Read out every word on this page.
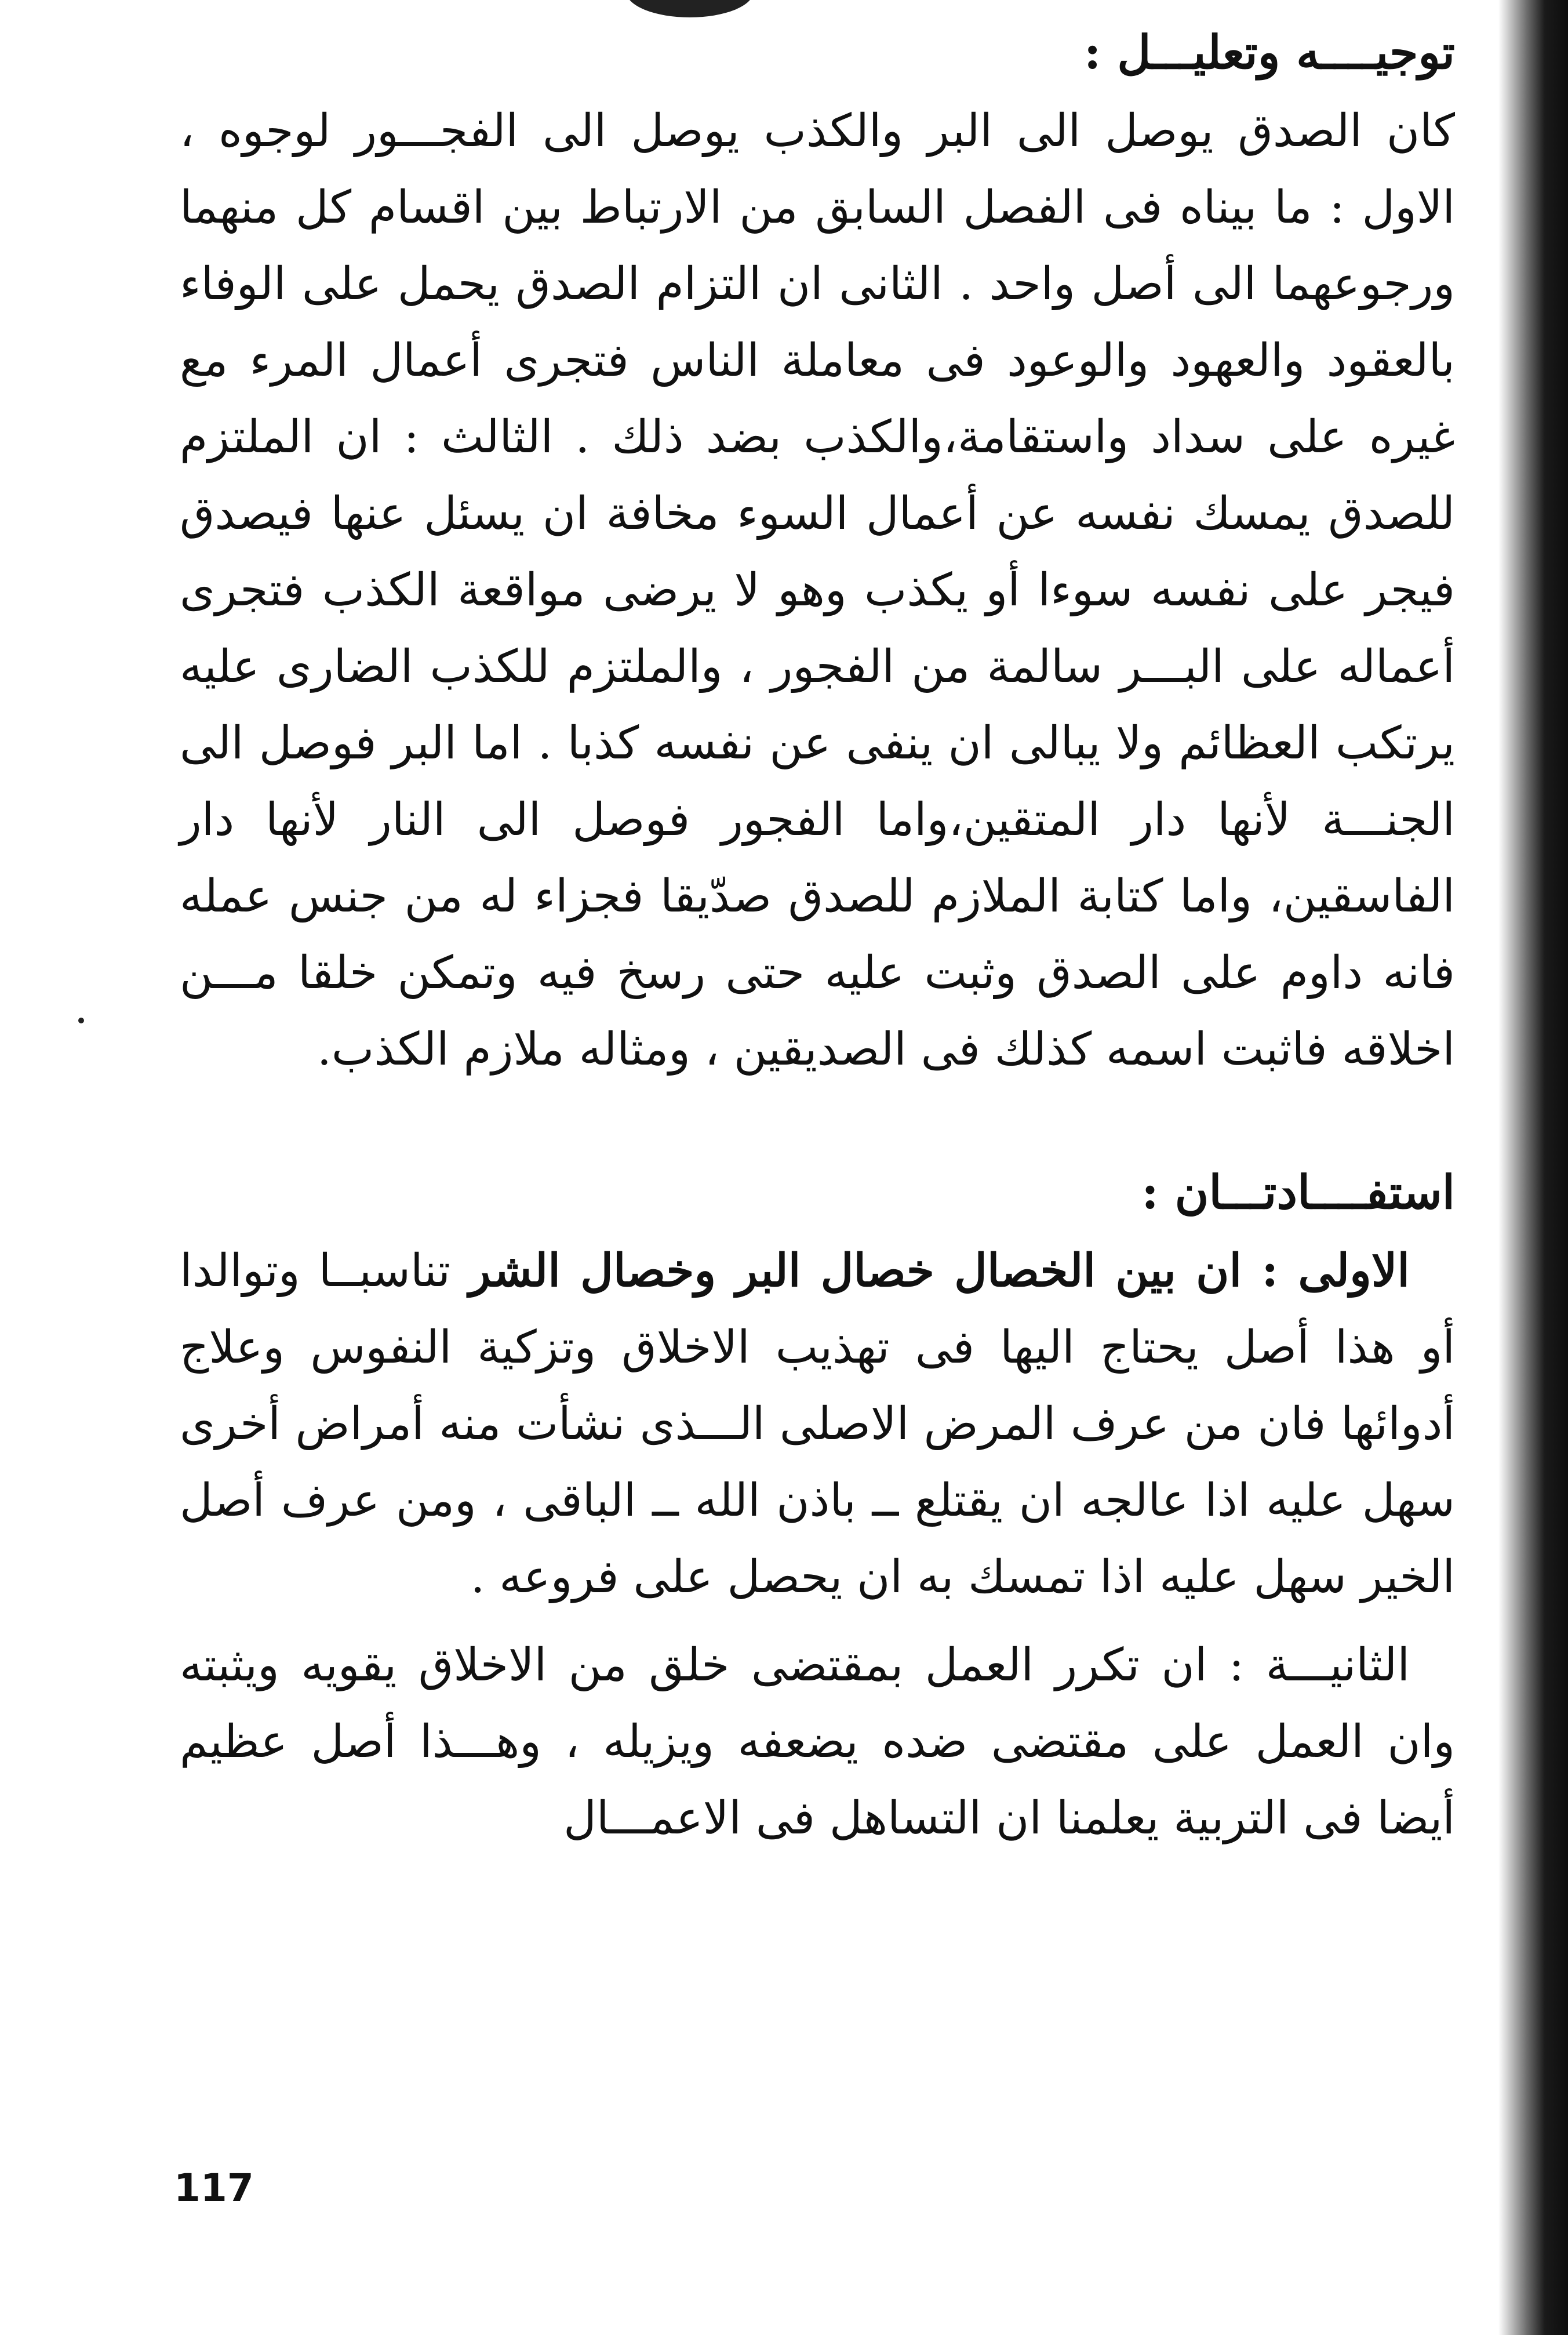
توجيــــه وتعليـــل :

كان الصدق يوصل الى البر والكذب يوصل الى الفجـــور لوجوه ، الاول : ما بيناه فى الفصل السابق من الارتباط بين اقسام كل منهما ورجوعهما الى أصل واحد . الثانى ان التزام الصدق يحمل على الوفاء بالعقود والعهود والوعود فى معاملة الناس فتجرى أعمال المرء مع غيره على سداد واستقامة،والكذب بضد ذلك . الثالث : ان الملتزم للصدق يمسك نفسه عن أعمال السوء مخافة ان يسئل عنها فيصدق فيجر على نفسه سوءا أو يكذب وهو لا يرضى مواقعة الكذب فتجرى أعماله على البـــر سالمة من الفجور ، والملتزم للكذب الضارى عليه يرتكب العظائم ولا يبالى ان ينفى عن نفسه كذبا . اما البر فوصل الى الجنـــة لأنها دار المتقين،واما الفجور فوصل الى النار لأنها دار الفاسقين، واما كتابة الملازم للصدق صدّيقا فجزاء له من جنس عمله فانه داوم على الصدق وثبت عليه حتى رسخ فيه وتمكن خلقا مـــن اخلاقه فاثبت اسمه كذلك فى الصديقين ، ومثاله ملازم الكذب.

استفــــادتـــان :

 الاولى : ان بين الخصال خصال البر وخصال الشر تناسبــا وتوالدا أو هذا أصل يحتاج اليها فى تهذيب الاخلاق وتزكية النفوس وعلاج أدوائها فان من عرف المرض الاصلى الـــذى نشأت منه أمراض أخرى سهل عليه اذا عالجه ان يقتلع ــ باذن الله ــ الباقى ، ومن عرف أصل الخير سهل عليه اذا تمسك به ان يحصل على فروعه .

 الثانيـــة : ان تكرر العمل بمقتضى خلق من الاخلاق يقويه ويثبته وان العمل على مقتضى ضده يضعفه ويزيله ، وهـــذا أصل عظيم أيضا فى التربية يعلمنا ان التساهل فى الاعمـــال

117
